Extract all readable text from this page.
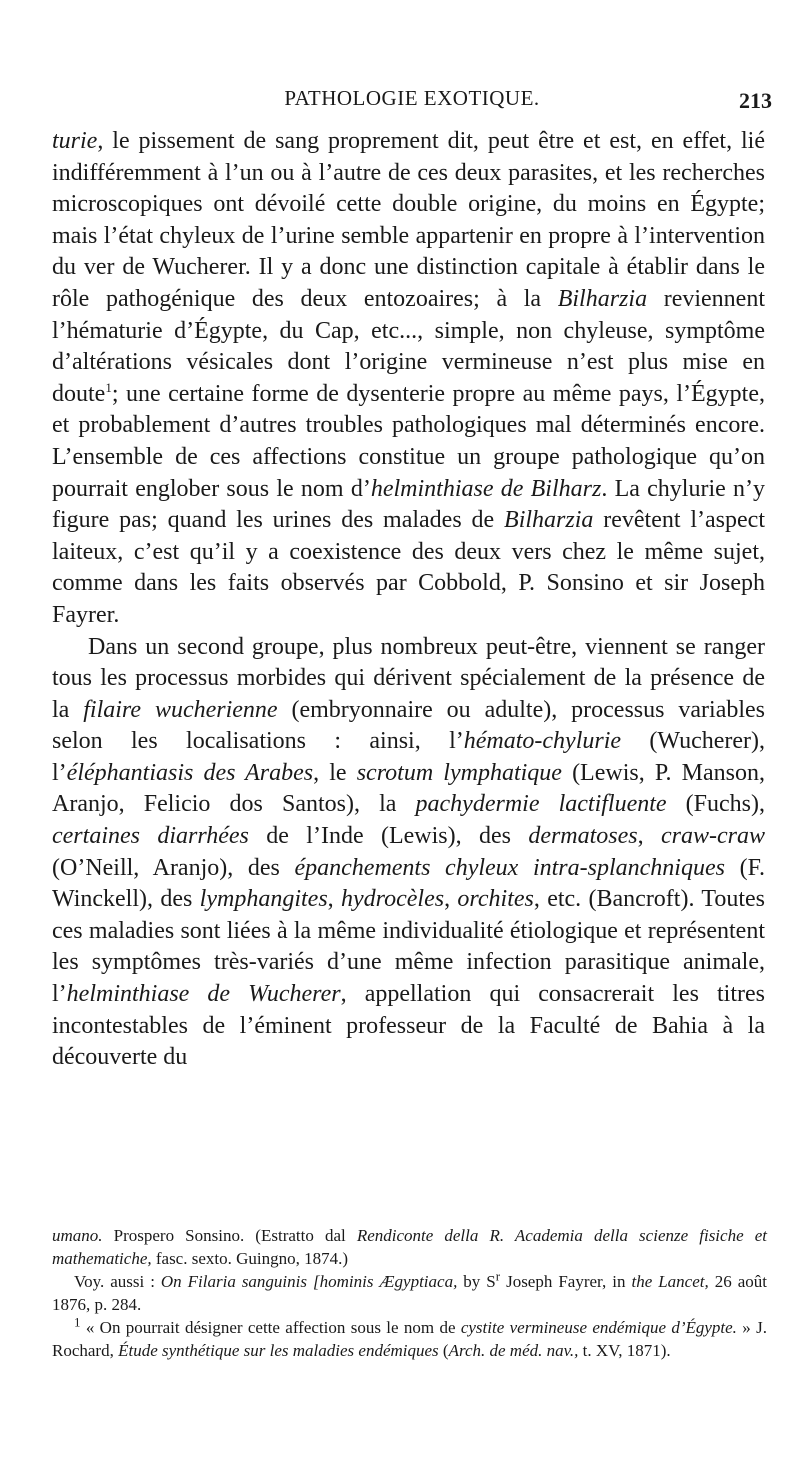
PATHOLOGIE EXOTIQUE.	213

turie, le pissement de sang proprement dit, peut être et est, en effet, lié indifféremment à l’un ou à l’autre de ces deux parasites, et les recherches microscopiques ont dévoilé cette double origine, du moins en Égypte; mais l’état chyleux de l’urine semble appartenir en propre à l’intervention du ver de Wucherer. Il y a donc une distinction capitale à établir dans le rôle pathogénique des deux entozoaires; à la Bilharzia reviennent l’hématurie d’Égypte, du Cap, etc..., simple, non chyleuse, symptôme d’altérations vésicales dont l’origine vermineuse n’est plus mise en doute$^1$; une certaine forme de dysenterie propre au même pays, l’Égypte, et probablement d’autres troubles pathologiques mal déterminés encore. L’ensemble de ces affections constitue un groupe pathologique qu’on pourrait englober sous le nom d’helminthiase de Bilharz. La chylurie n’y figure pas; quand les urines des malades de Bilharzia revêtent l’aspect laiteux, c’est qu’il y a coexistence des deux vers chez le même sujet, comme dans les faits observés par Cobbold, P. Sonsino et sir Joseph Fayrer.

Dans un second groupe, plus nombreux peut-être, viennent se ranger tous les processus morbides qui dérivent spécialement de la présence de la filaire wucherienne (embryonnaire ou adulte), processus variables selon les localisations : ainsi, l’hémato-chylurie (Wucherer), l’éléphantiasis des Arabes, le scrotum lymphatique (Lewis, P. Manson, Aranjo, Felicio dos Santos), la pachydermie lactifluente (Fuchs), certaines diarrhées de l’Inde (Lewis), des dermatoses, craw-craw (O’Neill, Aranjo), des épanchements chyleux intra-splanchniques (F. Winckell), des lymphangites, hydrocèles, orchites, etc. (Bancroft). Toutes ces maladies sont liées à la même individualité étiologique et représentent les symptômes très-variés d’une même infection parasitique animale, l’helminthiase de Wucherer, appellation qui consacrerait les titres incontestables de l’éminent professeur de la Faculté de Bahia à la découverte du

umano. Prospero Sonsino. (Estratto dal Rendiconte della R. Academia della scienze fisiche et mathematiche, fasc. sexto. Guingno, 1874.)

Voy. aussi : On Filaria sanguinis [hominis Ægyptiaca, by $S^r$ Joseph Fayrer, in the Lancet, 26 août 1876, p. 284.

$^1$ « On pourrait désigner cette affection sous le nom de cystite vermineuse endémique d’Égypte. » J. Rochard, Étude synthétique sur les maladies endémiques (Arch. de méd. nav., t. XV, 1871).
